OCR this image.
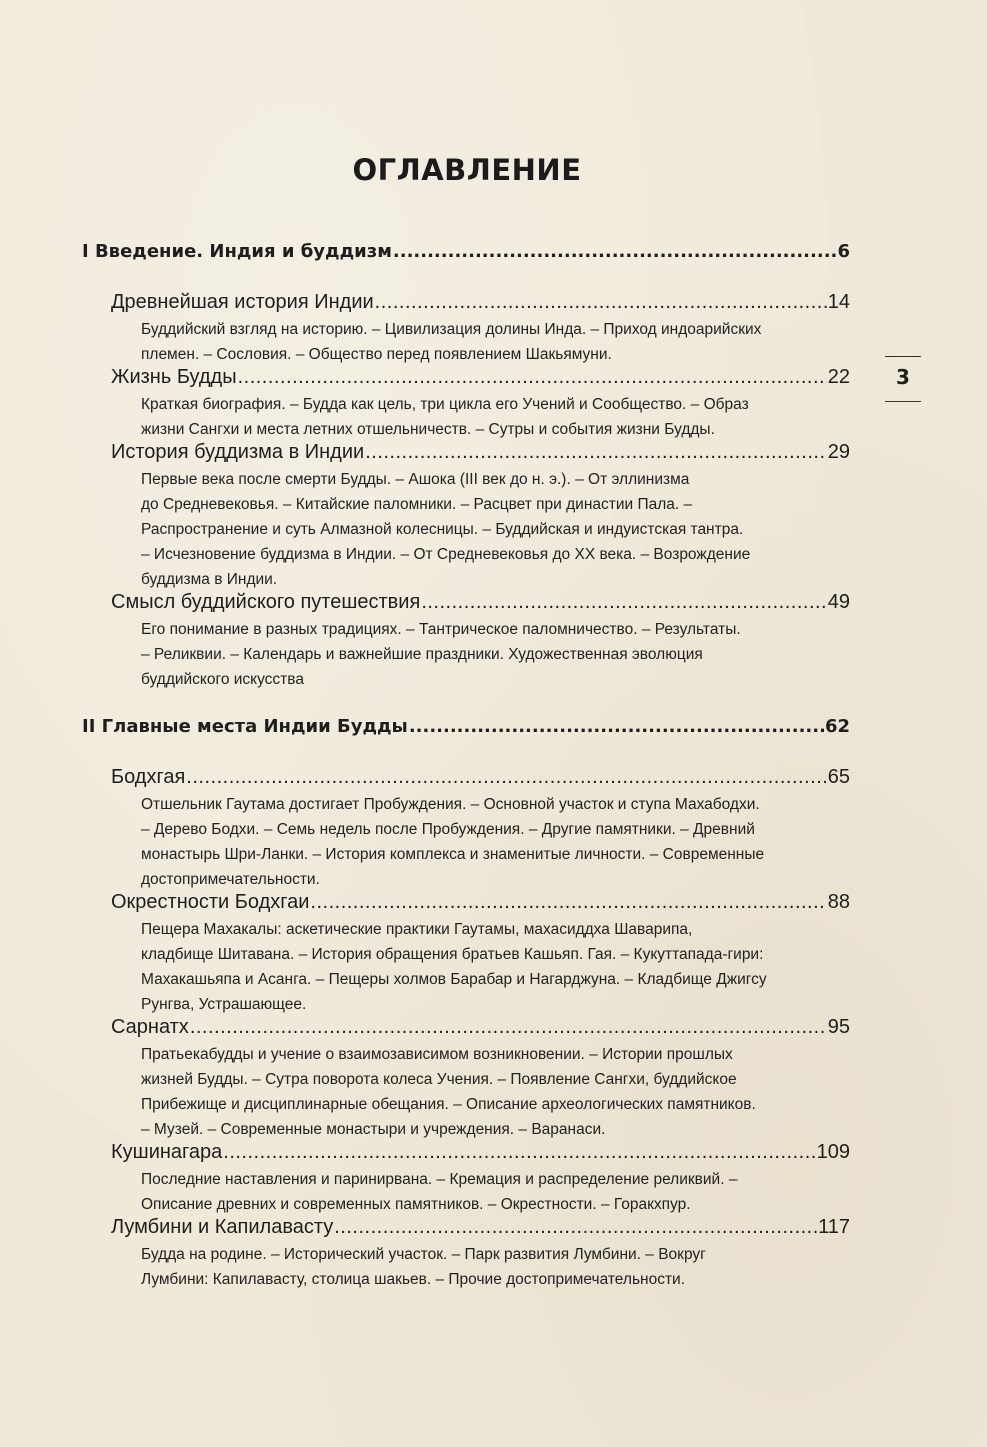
ОГЛАВЛЕНИЕ
3
I Введение. Индия и буддизм .....	6
Древнейшая история Индии .....	14
Буддийский взгляд на историю. – Цивилизация долины Инда. – Приход индоарийских
племен. – Сословия. – Общество перед появлением Шакьямуни.
Жизнь Будды .....	22
Краткая биография. – Будда как цель, три цикла его Учений и Сообщество. – Образ
жизни Сангхи и места летних отшельничеств. – Сутры и события жизни Будды.
История буддизма в Индии .....	29
Первые века после смерти Будды. – Ашока (III век до н. э.). – От эллинизма
до Средневековья. – Китайские паломники. – Расцвет при династии Пала. –
Распространение и суть Алмазной колесницы. – Буддийская и индуистская тантра.
– Исчезновение буддизма в Индии. – От Средневековья до XX века. – Возрождение
буддизма в Индии.
Смысл буддийского путешествия .....	49
Его понимание в разных традициях. – Тантрическое паломничество. – Результаты.
– Реликвии. – Календарь и важнейшие праздники. Художественная эволюция
буддийского искусства
II Главные места Индии Будды .....	62
Бодхгая .....	65
Отшельник Гаутама достигает Пробуждения. – Основной участок и ступа Махабодхи.
– Дерево Бодхи. – Семь недель после Пробуждения. – Другие памятники. – Древний
монастырь Шри-Ланки. – История комплекса и знаменитые личности. – Современные
достопримечательности.
Окрестности Бодхгаи .....	88
Пещера Махакалы: аскетические практики Гаутамы, махасиддха Шаварипа,
кладбище Шитавана. – История обращения братьев Кашьяп. Гая. – Кукуттапада-гири:
Махакашьяпа и Асанга. – Пещеры холмов Барабар и Нагарджуна. – Кладбище Джигсу
Рунгва, Устрашающее.
Сарнатх .....	95
Пратьекабудды и учение о взаимозависимом возникновении. – Истории прошлых
жизней Будды. – Сутра поворота колеса Учения. – Появление Сангхи, буддийское
Прибежище и дисциплинарные обещания. – Описание археологических памятников.
– Музей. – Современные монастыри и учреждения. – Варанаси.
Кушинагара .....	109
Последние наставления и паринирвана. – Кремация и распределение реликвий. –
Описание древних и современных памятников. – Окрестности. – Горакхпур.
Лумбини и Капилавасту .....	117
Будда на родине. – Исторический участок. – Парк развития Лумбини. – Вокруг
Лумбини: Капилавасту, столица шакьев. – Прочие достопримечательности.
